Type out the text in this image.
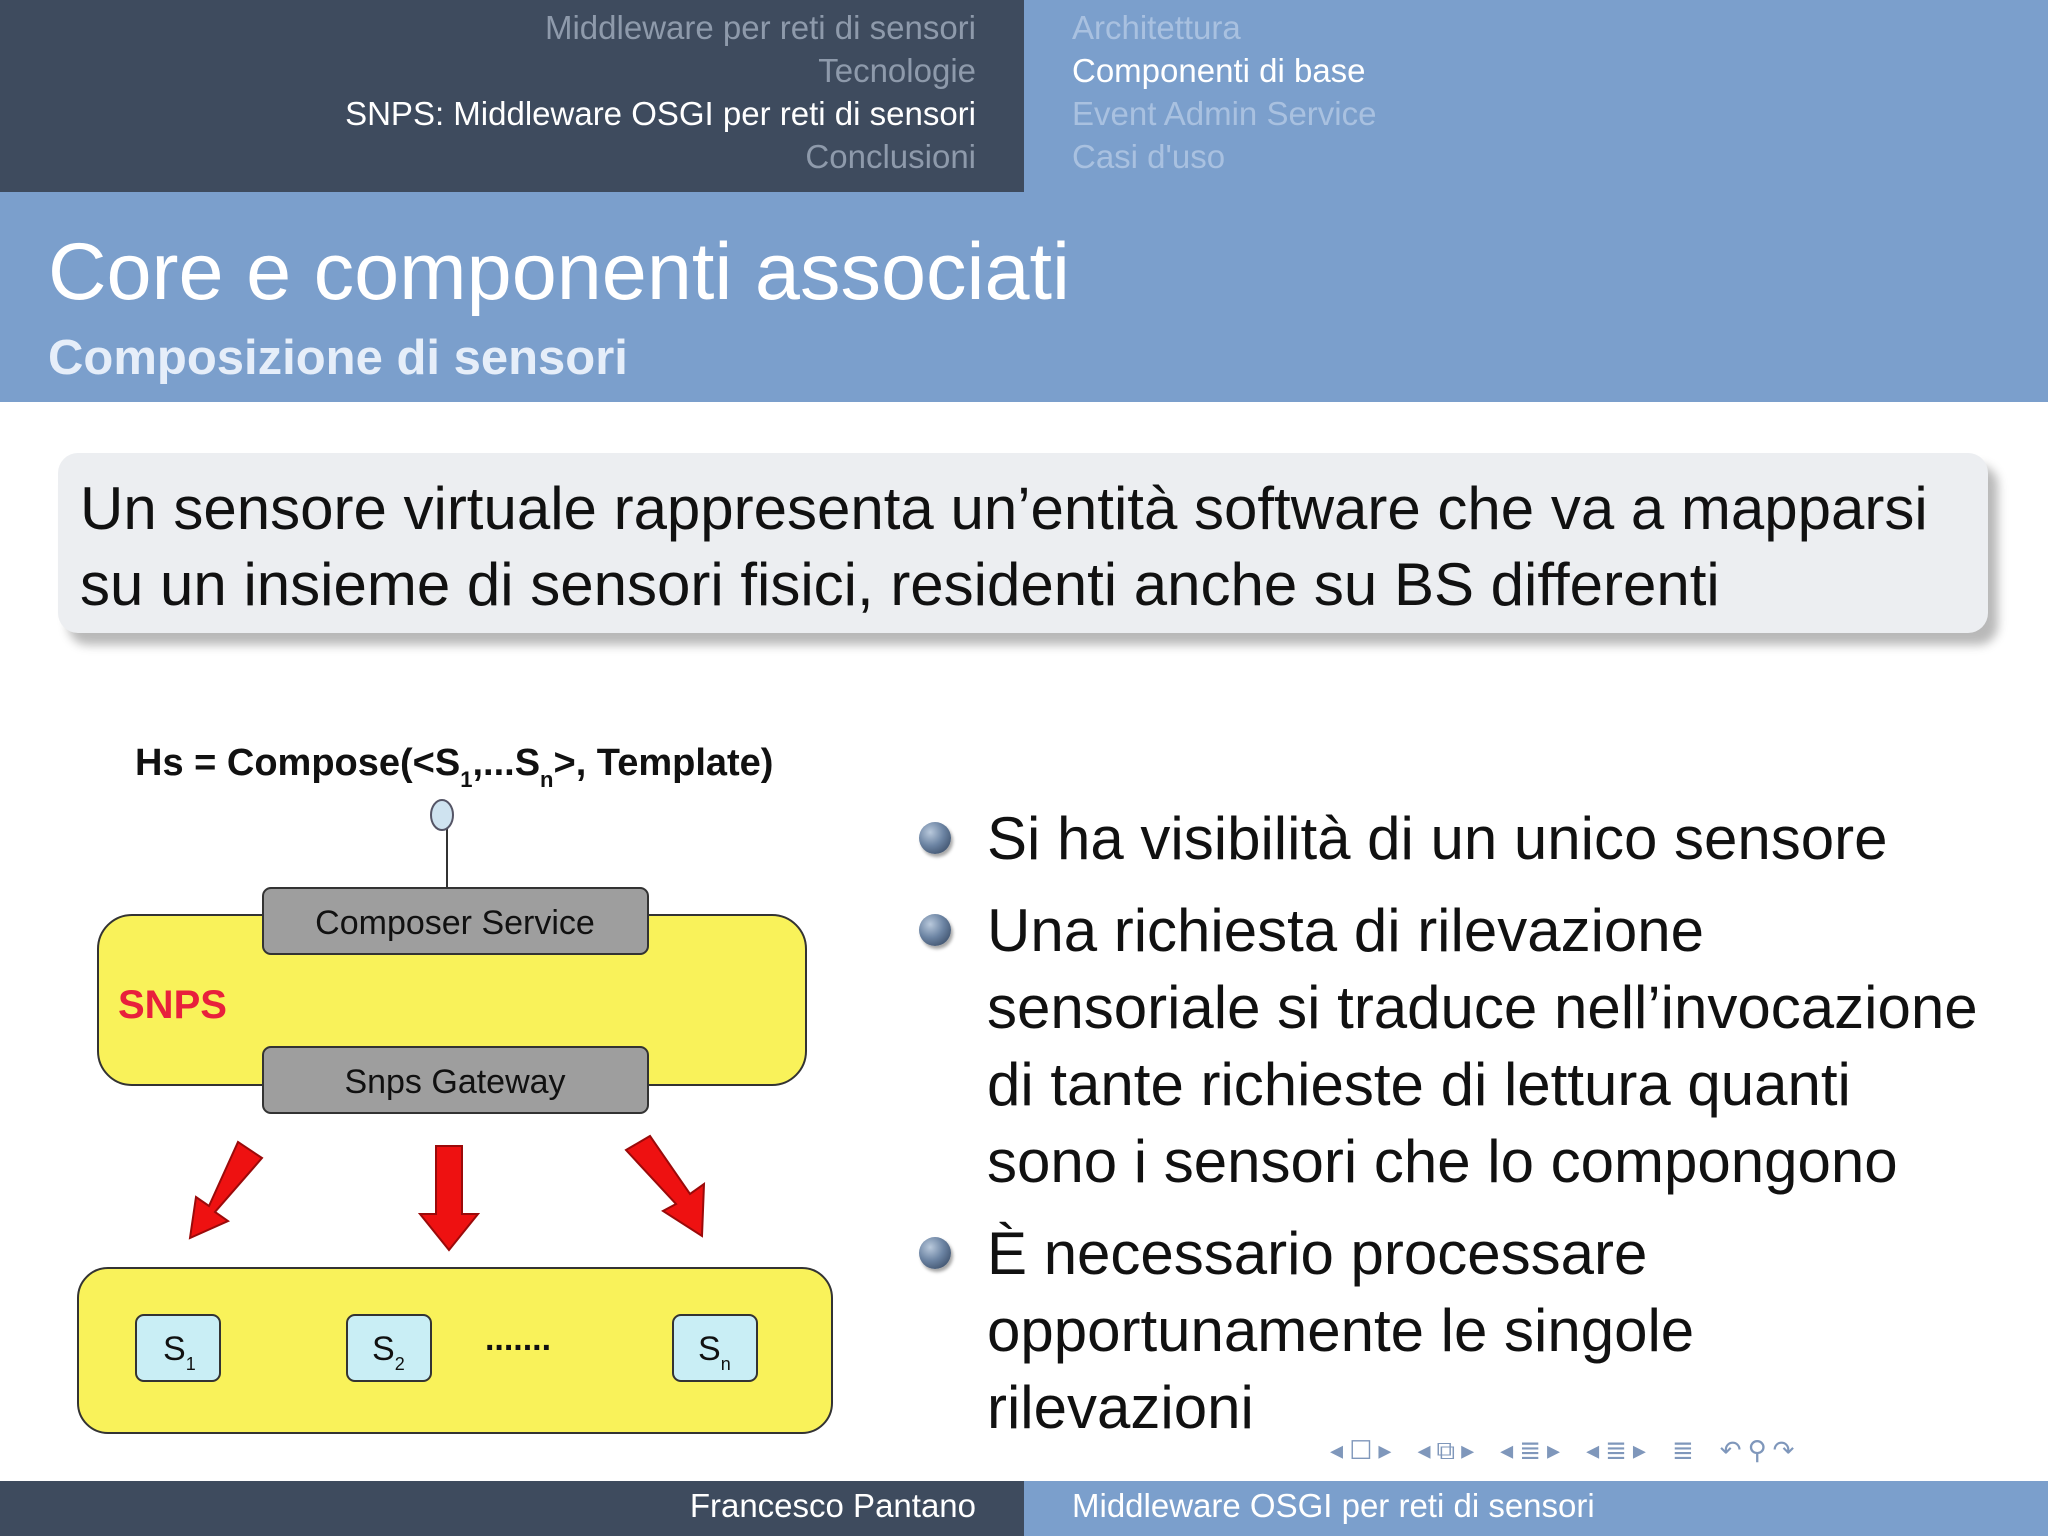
Middleware per reti di sensori
Tecnologie
SNPS: Middleware OSGI per reti di sensori
Conclusioni
Architettura
Componenti di base
Event Admin Service
Casi d'uso
Core e componenti associati
Composizione di sensori
Un sensore virtuale rappresenta un’entità software che va a mapparsi
su un insieme di sensori fisici, residenti anche su BS differenti
$Hs = Compose(<S_1,...S_n>$, Template)
SNPS
Composer Service
Snps Gateway
$S_1$	$S_2$
.......	$S_n$
Si ha visibilità di un unico sensore
Una richiesta di rilevazione
sensoriale si traduce nell’invocazione
di tante richieste di lettura quanti
sono i sensori che lo compongono
È necessario processare
opportunamente le singole
rilevazioni
◂ ☐ ▸ ◂ ⧉ ▸ ◂ ≣ ▸ ◂ ≣ ▸ ≣ ↶ ⚲ ↷
Francesco Pantano	Middleware OSGI per reti di sensori
